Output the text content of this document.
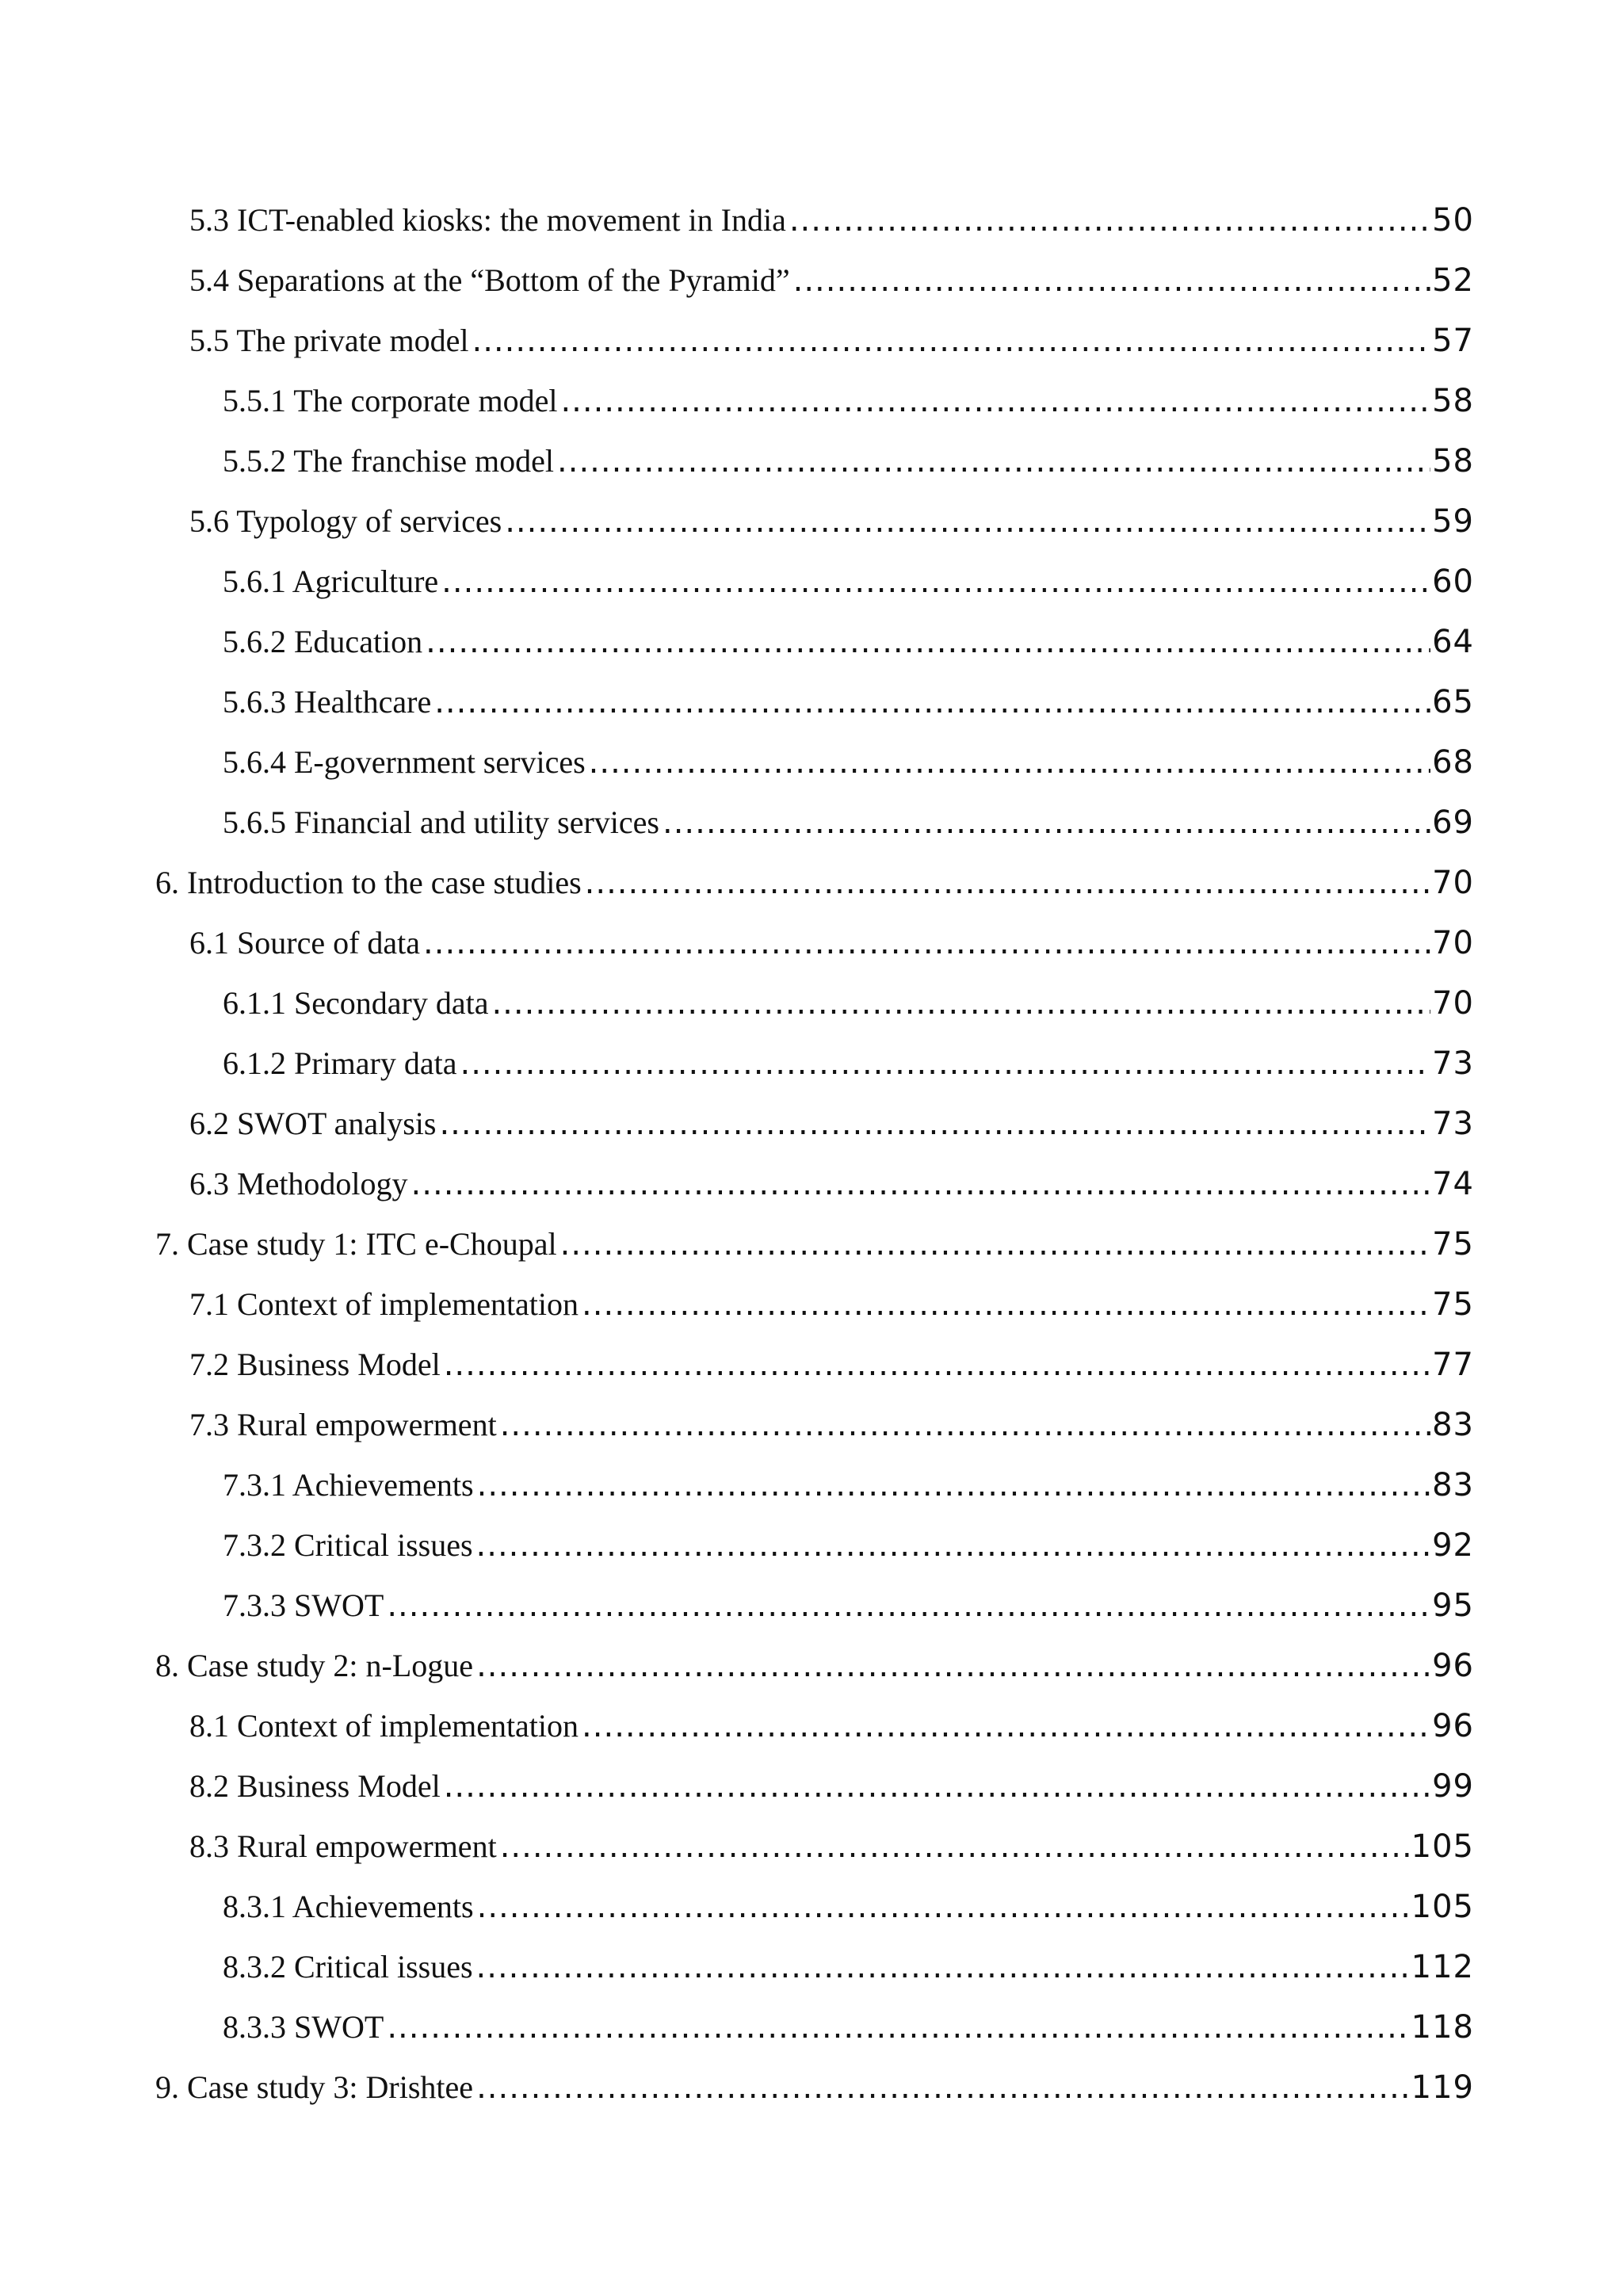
5.3 ICT-enabled kiosks: the movement in India .....	50
5.4 Separations at the “Bottom of the Pyramid” .....	52
5.5 The private model .....	57
5.5.1 The corporate model .....	58
5.5.2 The franchise model .....	58
5.6 Typology of services .....	59
5.6.1 Agriculture .....	60
5.6.2 Education .....	64
5.6.3 Healthcare .....	65
5.6.4 E-government services .....	68
5.6.5 Financial and utility services .....	69
6. Introduction to the case studies .....	70
6.1 Source of data .....	70
6.1.1 Secondary data .....	70
6.1.2 Primary data .....	73
6.2 SWOT analysis .....	73
6.3 Methodology .....	74
7. Case study 1: ITC e-Choupal .....	75
7.1 Context of implementation .....	75
7.2 Business Model .....	77
7.3 Rural empowerment .....	83
7.3.1 Achievements .....	83
7.3.2 Critical issues .....	92
7.3.3 SWOT .....	95
8. Case study 2: n-Logue .....	96
8.1 Context of implementation .....	96
8.2 Business Model .....	99
8.3 Rural empowerment .....	105
8.3.1 Achievements .....	105
8.3.2 Critical issues .....	112
8.3.3 SWOT .....	118
9. Case study 3: Drishtee .....	119
